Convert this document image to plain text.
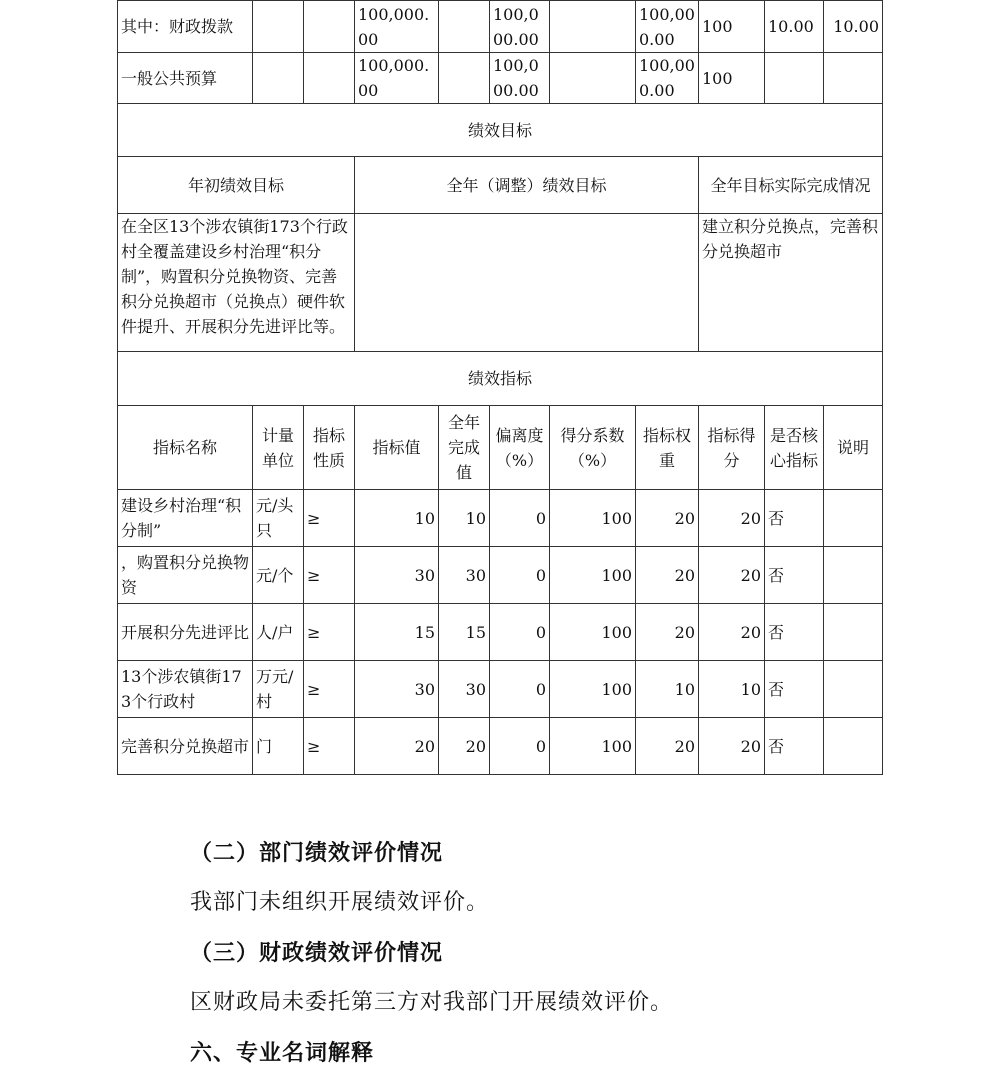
其中：财政拨款			100,000.00		100,000.00		100,000.00	100	10.00	10.00
一般公共预算			100,000.00		100,000.00		100,000.00	100		
绩效目标										
年初绩效目标			全年（调整）绩效目标					全年目标实际完成情况		
在全区13个涉农镇街173个行政村全覆盖建设乡村治理“积分制”，购置积分兑换物资、完善积分兑换超市（兑换点）硬件软件提升、开展积分先进评比等。								建立积分兑换点，完善积分兑换超市		
绩效指标										
指标名称	计量单位	指标性质	指标值	全年完成值	偏离度（%）	得分系数（%）	指标权重	指标得分	是否核心指标	说明
建设乡村治理“积分制”	元/头只	≥	10	10	0	100	20	20	否	
，购置积分兑换物资	元/个	≥	30	30	0	100	20	20	否	
开展积分先进评比	人/户	≥	15	15	0	100	20	20	否	
13个涉农镇街173个行政村	万元/村	≥	30	30	0	100	10	10	否	
完善积分兑换超市	门	≥	20	20	0	100	20	20	否	
（二）部门绩效评价情况
我部门未组织开展绩效评价。
（三）财政绩效评价情况
区财政局未委托第三方对我部门开展绩效评价。
六、专业名词解释
